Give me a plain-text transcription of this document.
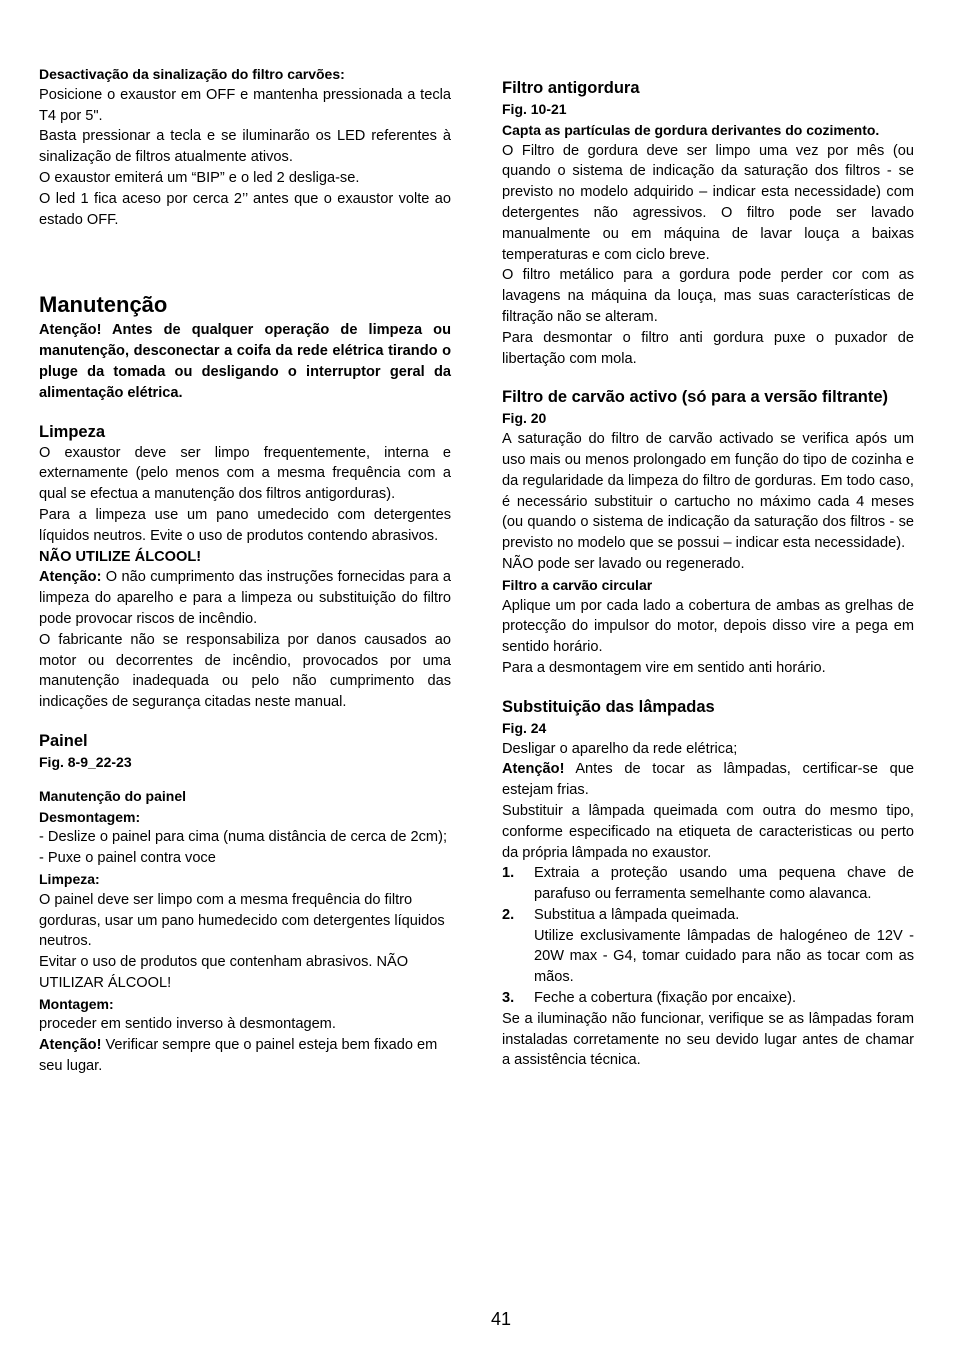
Desactivação da sinalização do filtro carvões:

Posicione o exaustor em OFF e mantenha pressionada a tecla T4 por 5".

Basta pressionar a tecla e se iluminarão os LED referentes à sinalização de filtros atualmente ativos.

O exaustor emiterá um “BIP” e o led 2 desliga-se.

O led 1 fica aceso por cerca 2’’ antes que o exaustor volte ao estado OFF.

Manutenção

Atenção! Antes de qualquer operação de limpeza ou manutenção, desconectar a coifa da rede elétrica tirando o pluge da tomada ou desligando o interruptor geral da alimentação elétrica.

Limpeza

O exaustor deve ser limpo frequentemente, interna e externamente (pelo menos com a mesma frequência com a qual se efectua a manutenção dos filtros antigorduras).

Para a limpeza use um pano umedecido com detergentes líquidos neutros. Evite o uso de produtos contendo abrasivos.

NÃO UTILIZE ÁLCOOL!

Atenção: O não cumprimento das instruções fornecidas para a limpeza do aparelho e para a limpeza ou substituição do filtro pode provocar riscos de incêndio.

O fabricante não se responsabiliza por danos causados ao motor ou decorrentes de incêndio, provocados por uma manutenção inadequada ou pelo não cumprimento das indicações de segurança citadas neste manual.

Painel

Fig. 8-9_22-23

Manutenção do painel

Desmontagem:

- Deslize o painel para cima (numa distância de cerca de 2cm);

- Puxe o painel contra voce

Limpeza:

O painel deve ser limpo com a mesma frequência do filtro gorduras, usar um pano humedecido com detergentes líquidos neutros.

Evitar o uso de produtos que contenham abrasivos. NÃO UTILIZAR ÁLCOOL!

Montagem:

proceder em sentido inverso à desmontagem.

Atenção! Verificar sempre que o painel esteja bem fixado em seu lugar.

Filtro antigordura

Fig. 10-21

Capta as partículas de gordura derivantes do cozimento.

O Filtro de gordura deve ser limpo uma vez por mês (ou quando o sistema de indicação da saturação dos filtros - se previsto no modelo adquirido – indicar esta necessidade) com detergentes não agressivos. O filtro pode ser lavado manualmente ou em máquina de lavar louça a baixas temperaturas e com ciclo breve.

O filtro metálico para a gordura pode perder cor com as lavagens na máquina da louça, mas suas características de filtração não se alteram.

Para desmontar o filtro anti gordura puxe o puxador de libertação com mola.

Filtro de carvão activo (só para a versão filtrante)

Fig. 20

A saturação do filtro de carvão activado se verifica após um uso mais ou menos prolongado em função do tipo de cozinha e da regularidade da limpeza do filtro de gorduras. Em todo caso, é necessário substituir o cartucho no máximo cada 4 meses (ou quando o sistema de indicação da saturação dos filtros - se previsto no modelo que se possui – indicar esta necessidade).

NÃO pode ser lavado ou regenerado.

Filtro a carvão circular

Aplique um por cada lado a cobertura de ambas as grelhas de protecção do impulsor do motor, depois disso vire a pega em sentido horário.

Para a desmontagem vire em sentido anti horário.

Substituição das lâmpadas

Fig. 24

Desligar o aparelho da rede elétrica;

Atenção! Antes de tocar as lâmpadas, certificar-se que estejam frias.

Substituir a lâmpada queimada com outra do mesmo tipo, conforme especificado na etiqueta de caracteristicas ou perto da própria lâmpada no exaustor.

1.	Extraia a proteção usando uma pequena chave de parafuso ou ferramenta semelhante como alavanca.
2.	Substitua a lâmpada queimada.
Utilize exclusivamente lâmpadas de halogéneo de 12V - 20W max - G4, tomar cuidado para não as tocar com as mãos.
3.	Feche a cobertura (fixação por encaixe).

Se a iluminação não funcionar, verifique se as lâmpadas foram instaladas corretamente no seu devido lugar antes de chamar a assistência técnica.

41
